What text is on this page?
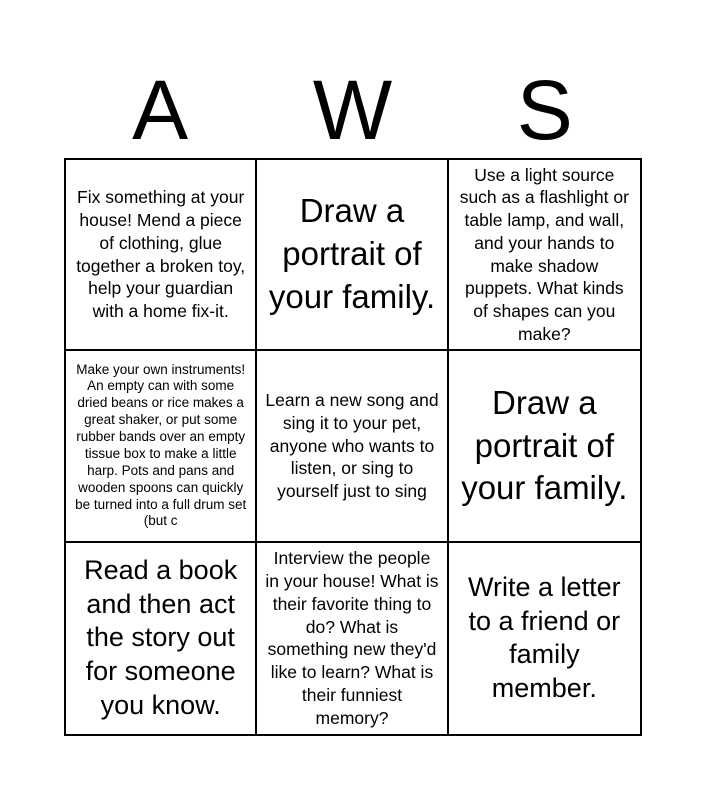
A	W	S
Fix something at your house! Mend a piece of clothing, glue together a broken toy, help your guardian with a home fix-it.
Draw a portrait of your family.
Use a light source such as a flashlight or table lamp, and wall, and your hands to make shadow puppets. What kinds of shapes can you make?
Make your own instruments! An empty can with some dried beans or rice makes a great shaker, or put some rubber bands over an empty tissue box to make a little harp. Pots and pans and wooden spoons can quickly be turned into a full drum set (but c
Learn a new song and sing it to your pet, anyone who wants to listen, or sing to yourself just to sing
Draw a portrait of your family.
Read a book and then act the story out for someone you know.
Interview the people in your house! What is their favorite thing to do? What is something new they'd like to learn? What is their funniest memory?
Write a letter to a friend or family member.
